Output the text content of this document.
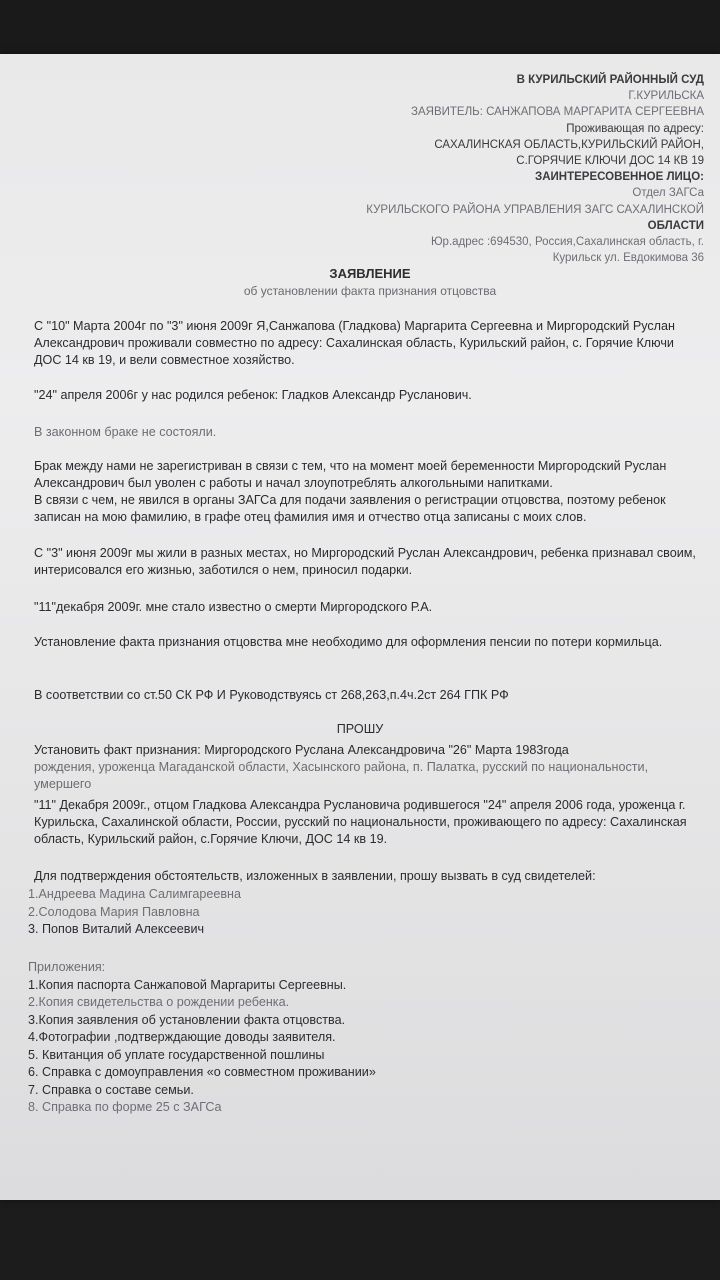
В КУРИЛЬСКИЙ РАЙОННЫЙ СУД
Г.КУРИЛЬСКА
ЗАЯВИТЕЛЬ: САНЖАПОВА МАРГАРИТА СЕРГЕЕВНА
Проживающая по адресу:
САХАЛИНСКАЯ ОБЛАСТЬ,КУРИЛЬСКИЙ РАЙОН,
С.ГОРЯЧИЕ КЛЮЧИ ДОС 14 КВ 19
ЗАИНТЕРЕСОВЕННОЕ ЛИЦО:
Отдел ЗАГСа
КУРИЛЬСКОГО РАЙОНА УПРАВЛЕНИЯ ЗАГС САХАЛИНСКОЙ
ОБЛАСТИ
Юр.адрес :694530, Россия,Сахалинская область, г.
Курильск ул. Евдокимова 36
ЗАЯВЛЕНИЕ
об установлении факта признания отцовства
С "10" Марта 2004г по "3" июня 2009г Я,Санжапова (Гладкова) Маргарита Сергеевна и Миргородский Руслан Александрович проживали совместно по адресу: Сахалинская область, Курильский район, с. Горячие Ключи ДОС 14 кв 19, и вели совместное хозяйство.
"24" апреля 2006г у нас родился ребенок: Гладков Александр Русланович.
В законном браке не состояли.
Брак между нами не зарегистриван в связи с тем, что на момент моей беременности Миргородский Руслан Александрович был уволен с работы и начал злоупотреблять алкогольными напитками.
В связи с чем, не явился в органы ЗАГСа для подачи заявления о регистрации отцовства, поэтому ребенок записан на мою фамилию, в графе отец фамилия имя и отчество отца записаны с моих слов.
С "3" июня 2009г мы жили в разных местах, но Миргородский Руслан Александрович, ребенка признавал своим, интерисовался его жизнью, заботился о нем, приносил подарки.
"11"декабря 2009г. мне стало известно о смерти Миргородского Р.А.
Установление факта признания отцовства мне необходимо для оформления пенсии по потери кормильца.
В соответствии со ст.50 СК РФ И Руководствуясь ст 268,263,п.4ч.2ст 264 ГПК РФ
ПРОШУ
Установить факт признания: Миргородского Руслана Александровича "26" Марта 1983года
рождения, уроженца Магаданской области, Хасынского района, п. Палатка, русский по национальности, умершего
"11" Декабря 2009г., отцом Гладкова Александра Руслановича родившегося "24" апреля 2006 года, уроженца г. Курильска, Сахалинской области, России, русский по национальности, проживающего по адресу: Сахалинская область, Курильский район, с.Горячие Ключи, ДОС 14 кв 19.
Для подтверждения обстоятельств, изложенных в заявлении, прошу вызвать в суд свидетелей:
1.Андреева Мадина Салимгареевна
2.Солодова Мария Павловна
3. Попов Виталий Алексеевич
Приложения:
1.Копия паспорта Санжаповой Маргариты Сергеевны.
2.Копия свидетельства о рождении ребенка.
3.Копия заявления об установлении факта отцовства.
4.Фотографии ,подтверждающие доводы заявителя.
5. Квитанция об уплате государственной пошлины
6. Справка с домоуправления «о совместном проживании»
7. Справка о составе семьи.
8. Справка по форме 25 с ЗАГСа
